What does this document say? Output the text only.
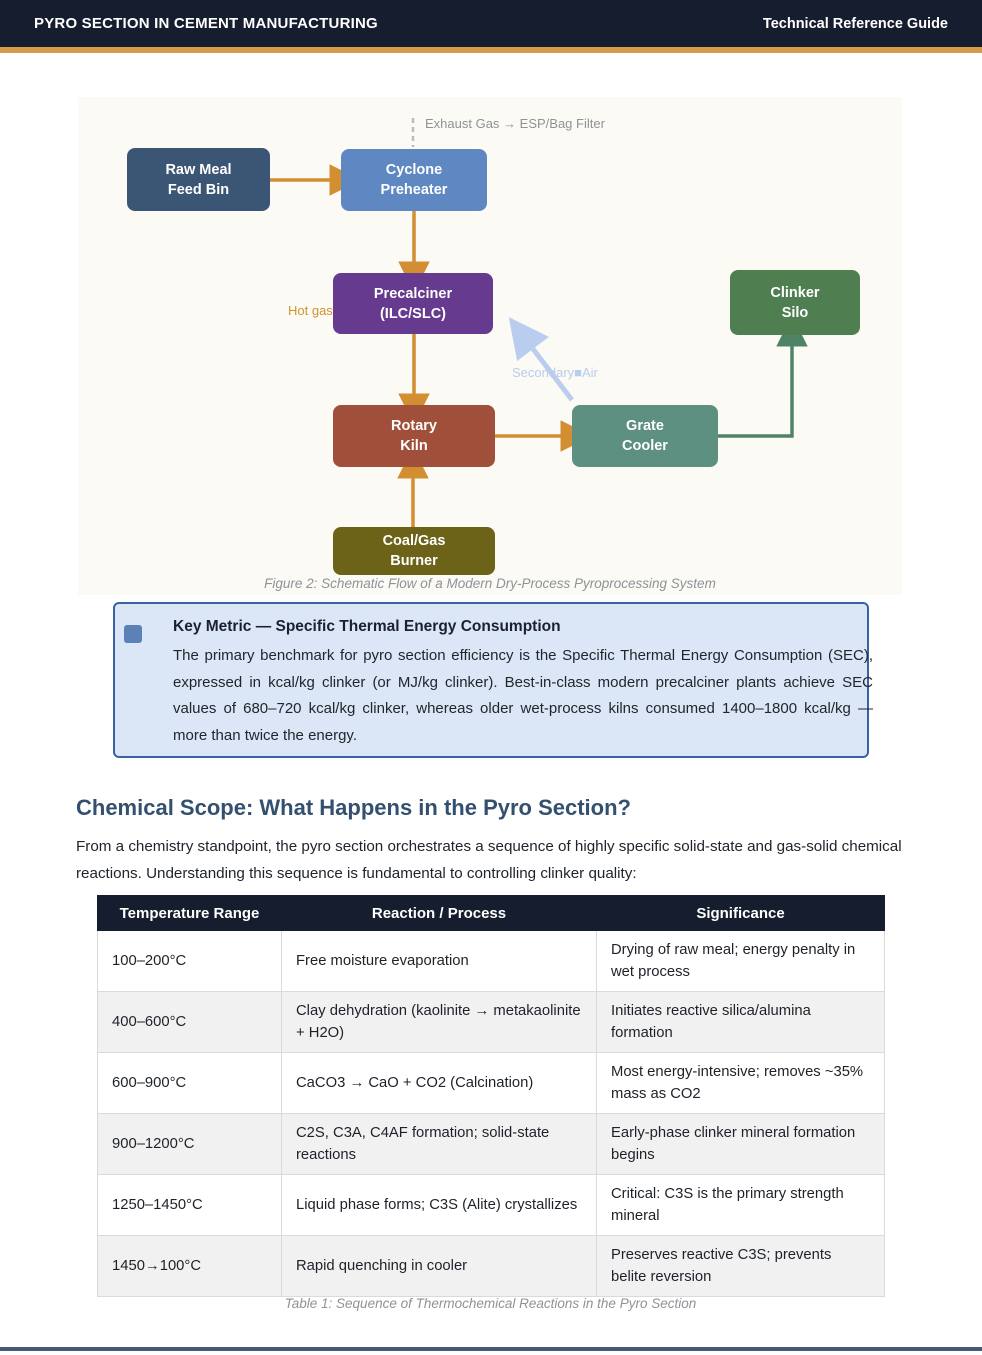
PYRO SECTION IN CEMENT MANUFACTURING	Technical Reference Guide
Raw Meal
Feed Bin
Cyclone
Preheater
Precalciner
(ILC/SLC)
Rotary
Kiln
Grate
Cooler
Clinker
Silo
Coal/Gas
Burner
Exhaust Gas → ESP/Bag Filter
Hot gas
Secondary■Air
Figure 2: Schematic Flow of a Modern Dry-Process Pyroprocessing System
Key Metric — Specific Thermal Energy Consumption
The primary benchmark for pyro section efficiency is the Specific Thermal Energy Consumption (SEC), expressed in kcal/kg clinker (or MJ/kg clinker). Best-in-class modern precalciner plants achieve SEC values of 680–720 kcal/kg clinker, whereas older wet-process kilns consumed 1400–1800 kcal/kg — more than twice the energy.
Chemical Scope: What Happens in the Pyro Section?
From a chemistry standpoint, the pyro section orchestrates a sequence of highly specific solid-state and gas-solid chemical reactions. Understanding this sequence is fundamental to controlling clinker quality:
Temperature Range	Reaction / Process	Significance
100–200°C	Free moisture evaporation	Drying of raw meal; energy penalty in wet process
400–600°C	Clay dehydration (kaolinite → metakaolinite + H2O)	Initiates reactive silica/alumina formation
600–900°C	CaCO3 → CaO + CO2 (Calcination)	Most energy-intensive; removes ~35% mass as CO2
900–1200°C	C2S, C3A, C4AF formation; solid-state reactions	Early-phase clinker mineral formation begins
1250–1450°C	Liquid phase forms; C3S (Alite) crystallizes	Critical: C3S is the primary strength mineral
1450→100°C	Rapid quenching in cooler	Preserves reactive C3S; prevents belite reversion
Table 1: Sequence of Thermochemical Reactions in the Pyro Section
